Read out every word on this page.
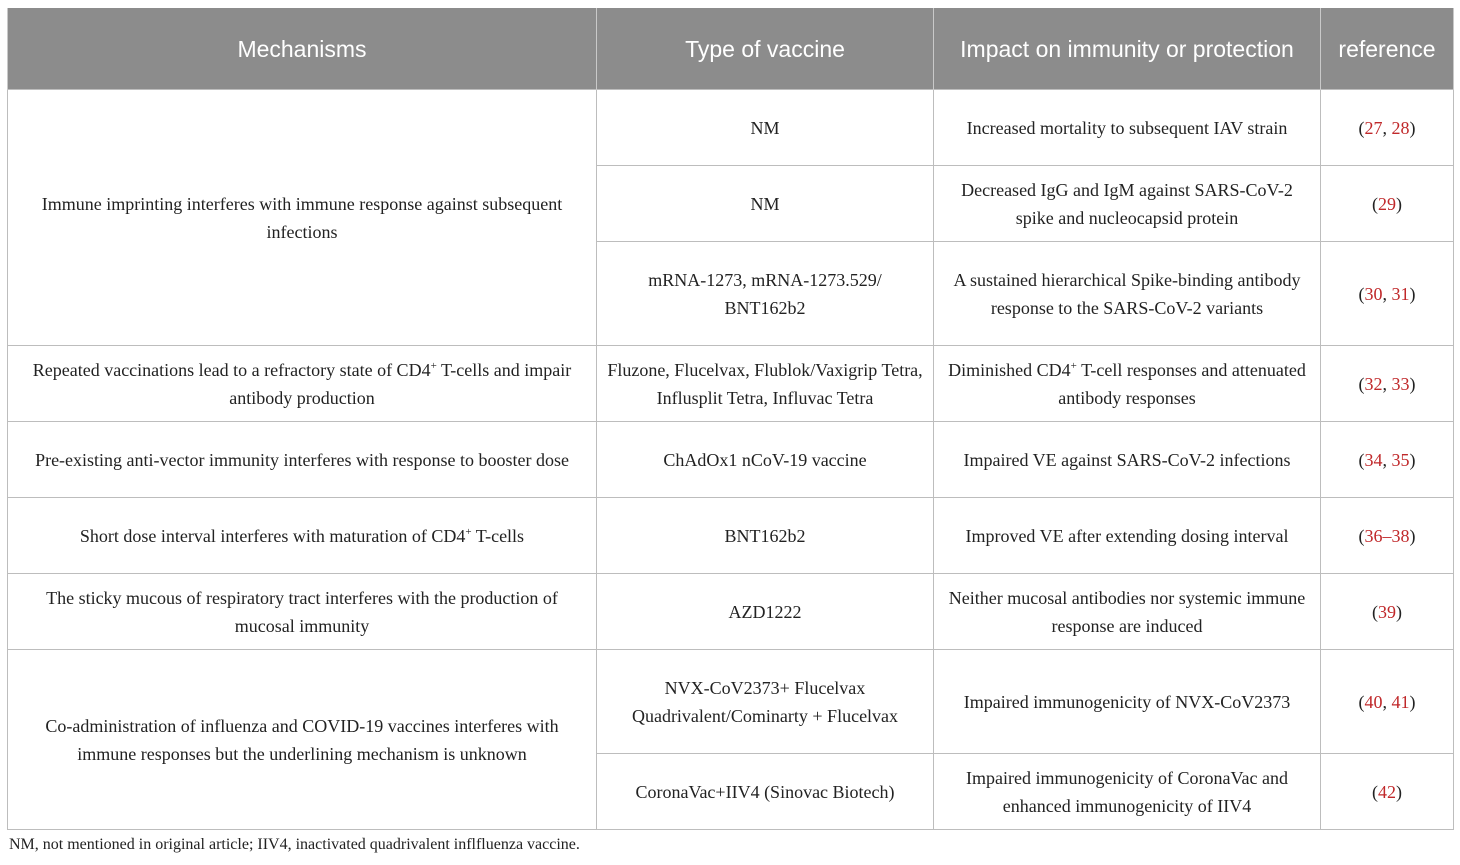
Mechanisms	Type of vaccine	Impact on immunity or protection	reference
Immune imprinting interferes with immune response against subsequent infections	NM	Increased mortality to subsequent IAV strain	(27, 28)
	NM	Decreased IgG and IgM against SARS-CoV-2 spike and nucleocapsid protein	(29)
	mRNA-1273, mRNA-1273.529/ BNT162b2	A sustained hierarchical Spike-binding antibody response to the SARS-CoV-2 variants	(30, 31)
Repeated vaccinations lead to a refractory state of CD4+ T-cells and impair antibody production	Fluzone, Flucelvax, Flublok/Vaxigrip Tetra, Influsplit Tetra, Influvac Tetra	Diminished CD4+ T-cell responses and attenuated antibody responses	(32, 33)
Pre-existing anti-vector immunity interferes with response to booster dose	ChAdOx1 nCoV-19 vaccine	Impaired VE against SARS-CoV-2 infections	(34, 35)
Short dose interval interferes with maturation of CD4+ T-cells	BNT162b2	Improved VE after extending dosing interval	(36–38)
The sticky mucous of respiratory tract interferes with the production of mucosal immunity	AZD1222	Neither mucosal antibodies nor systemic immune response are induced	(39)
Co-administration of influenza and COVID-19 vaccines interferes with immune responses but the underlining mechanism is unknown	NVX-CoV2373+ Flucelvax Quadrivalent/Cominarty + Flucelvax	Impaired immunogenicity of NVX-CoV2373	(40, 41)
	CoronaVac+IIV4 (Sinovac Biotech)	Impaired immunogenicity of CoronaVac and enhanced immunogenicity of IIV4	(42)
NM, not mentioned in original article; IIV4, inactivated quadrivalent inflfluenza vaccine.
